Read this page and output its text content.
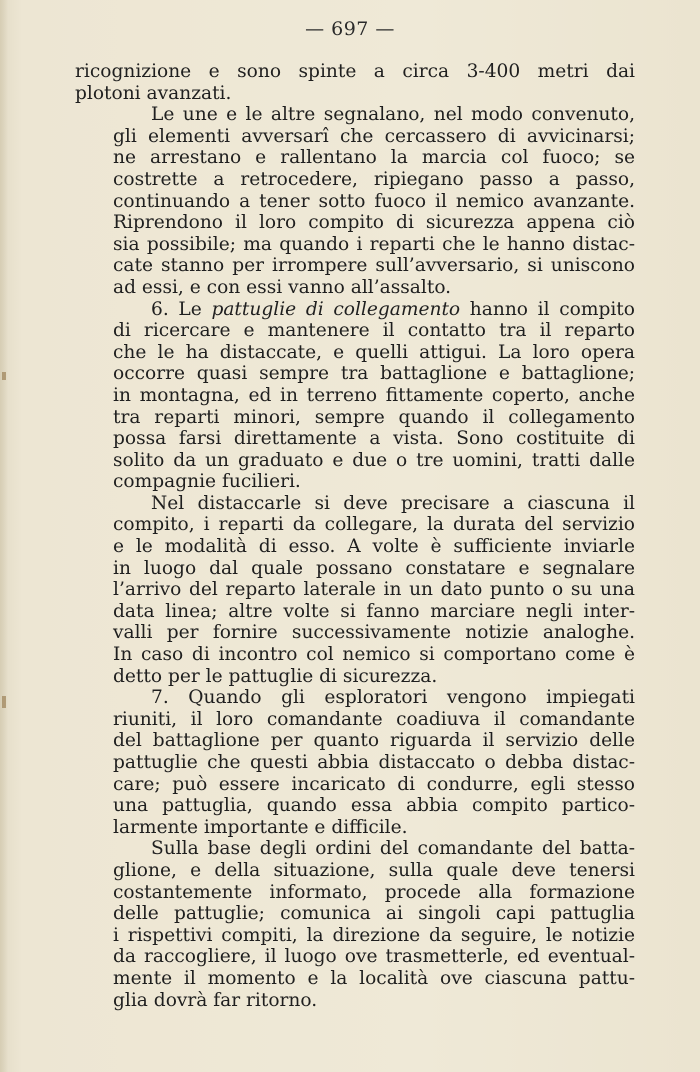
— 697 —
ricognizione e sono spinte a circa 3-400 metri dai
plotoni avanzati.
Le une e le altre segnalano, nel modo convenuto,
gli elementi avversarî che cercassero di avvicinarsi;
ne arrestano e rallentano la marcia col fuoco; se
costrette a retrocedere, ripiegano passo a passo,
continuando a tener sotto fuoco il nemico avanzante.
Riprendono il loro compito di sicurezza appena ciò
sia possibile; ma quando i reparti che le hanno distac-
cate stanno per irrompere sull’avversario, si uniscono
ad essi, e con essi vanno all’assalto.
6. Le pattuglie di collegamento hanno il compito
di ricercare e mantenere il contatto tra il reparto
che le ha distaccate, e quelli attigui. La loro opera
occorre quasi sempre tra battaglione e battaglione;
in montagna, ed in terreno fittamente coperto, anche
tra reparti minori, sempre quando il collegamento
possa farsi direttamente a vista. Sono costituite di
solito da un graduato e due o tre uomini, tratti dalle
compagnie fucilieri.
Nel distaccarle si deve precisare a ciascuna il
compito, i reparti da collegare, la durata del servizio
e le modalità di esso. A volte è sufficiente inviarle
in luogo dal quale possano constatare e segnalare
l’arrivo del reparto laterale in un dato punto o su una
data linea; altre volte si fanno marciare negli inter-
valli per fornire successivamente notizie analoghe.
In caso di incontro col nemico si comportano come è
detto per le pattuglie di sicurezza.
7. Quando gli esploratori vengono impiegati
riuniti, il loro comandante coadiuva il comandante
del battaglione per quanto riguarda il servizio delle
pattuglie che questi abbia distaccato o debba distac-
care; può essere incaricato di condurre, egli stesso
una pattuglia, quando essa abbia compito partico-
larmente importante e difficile.
Sulla base degli ordini del comandante del batta-
glione, e della situazione, sulla quale deve tenersi
costantemente informato, procede alla formazione
delle pattuglie; comunica ai singoli capi pattuglia
i rispettivi compiti, la direzione da seguire, le notizie
da raccogliere, il luogo ove trasmetterle, ed eventual-
mente il momento e la località ove ciascuna pattu-
glia dovrà far ritorno.
